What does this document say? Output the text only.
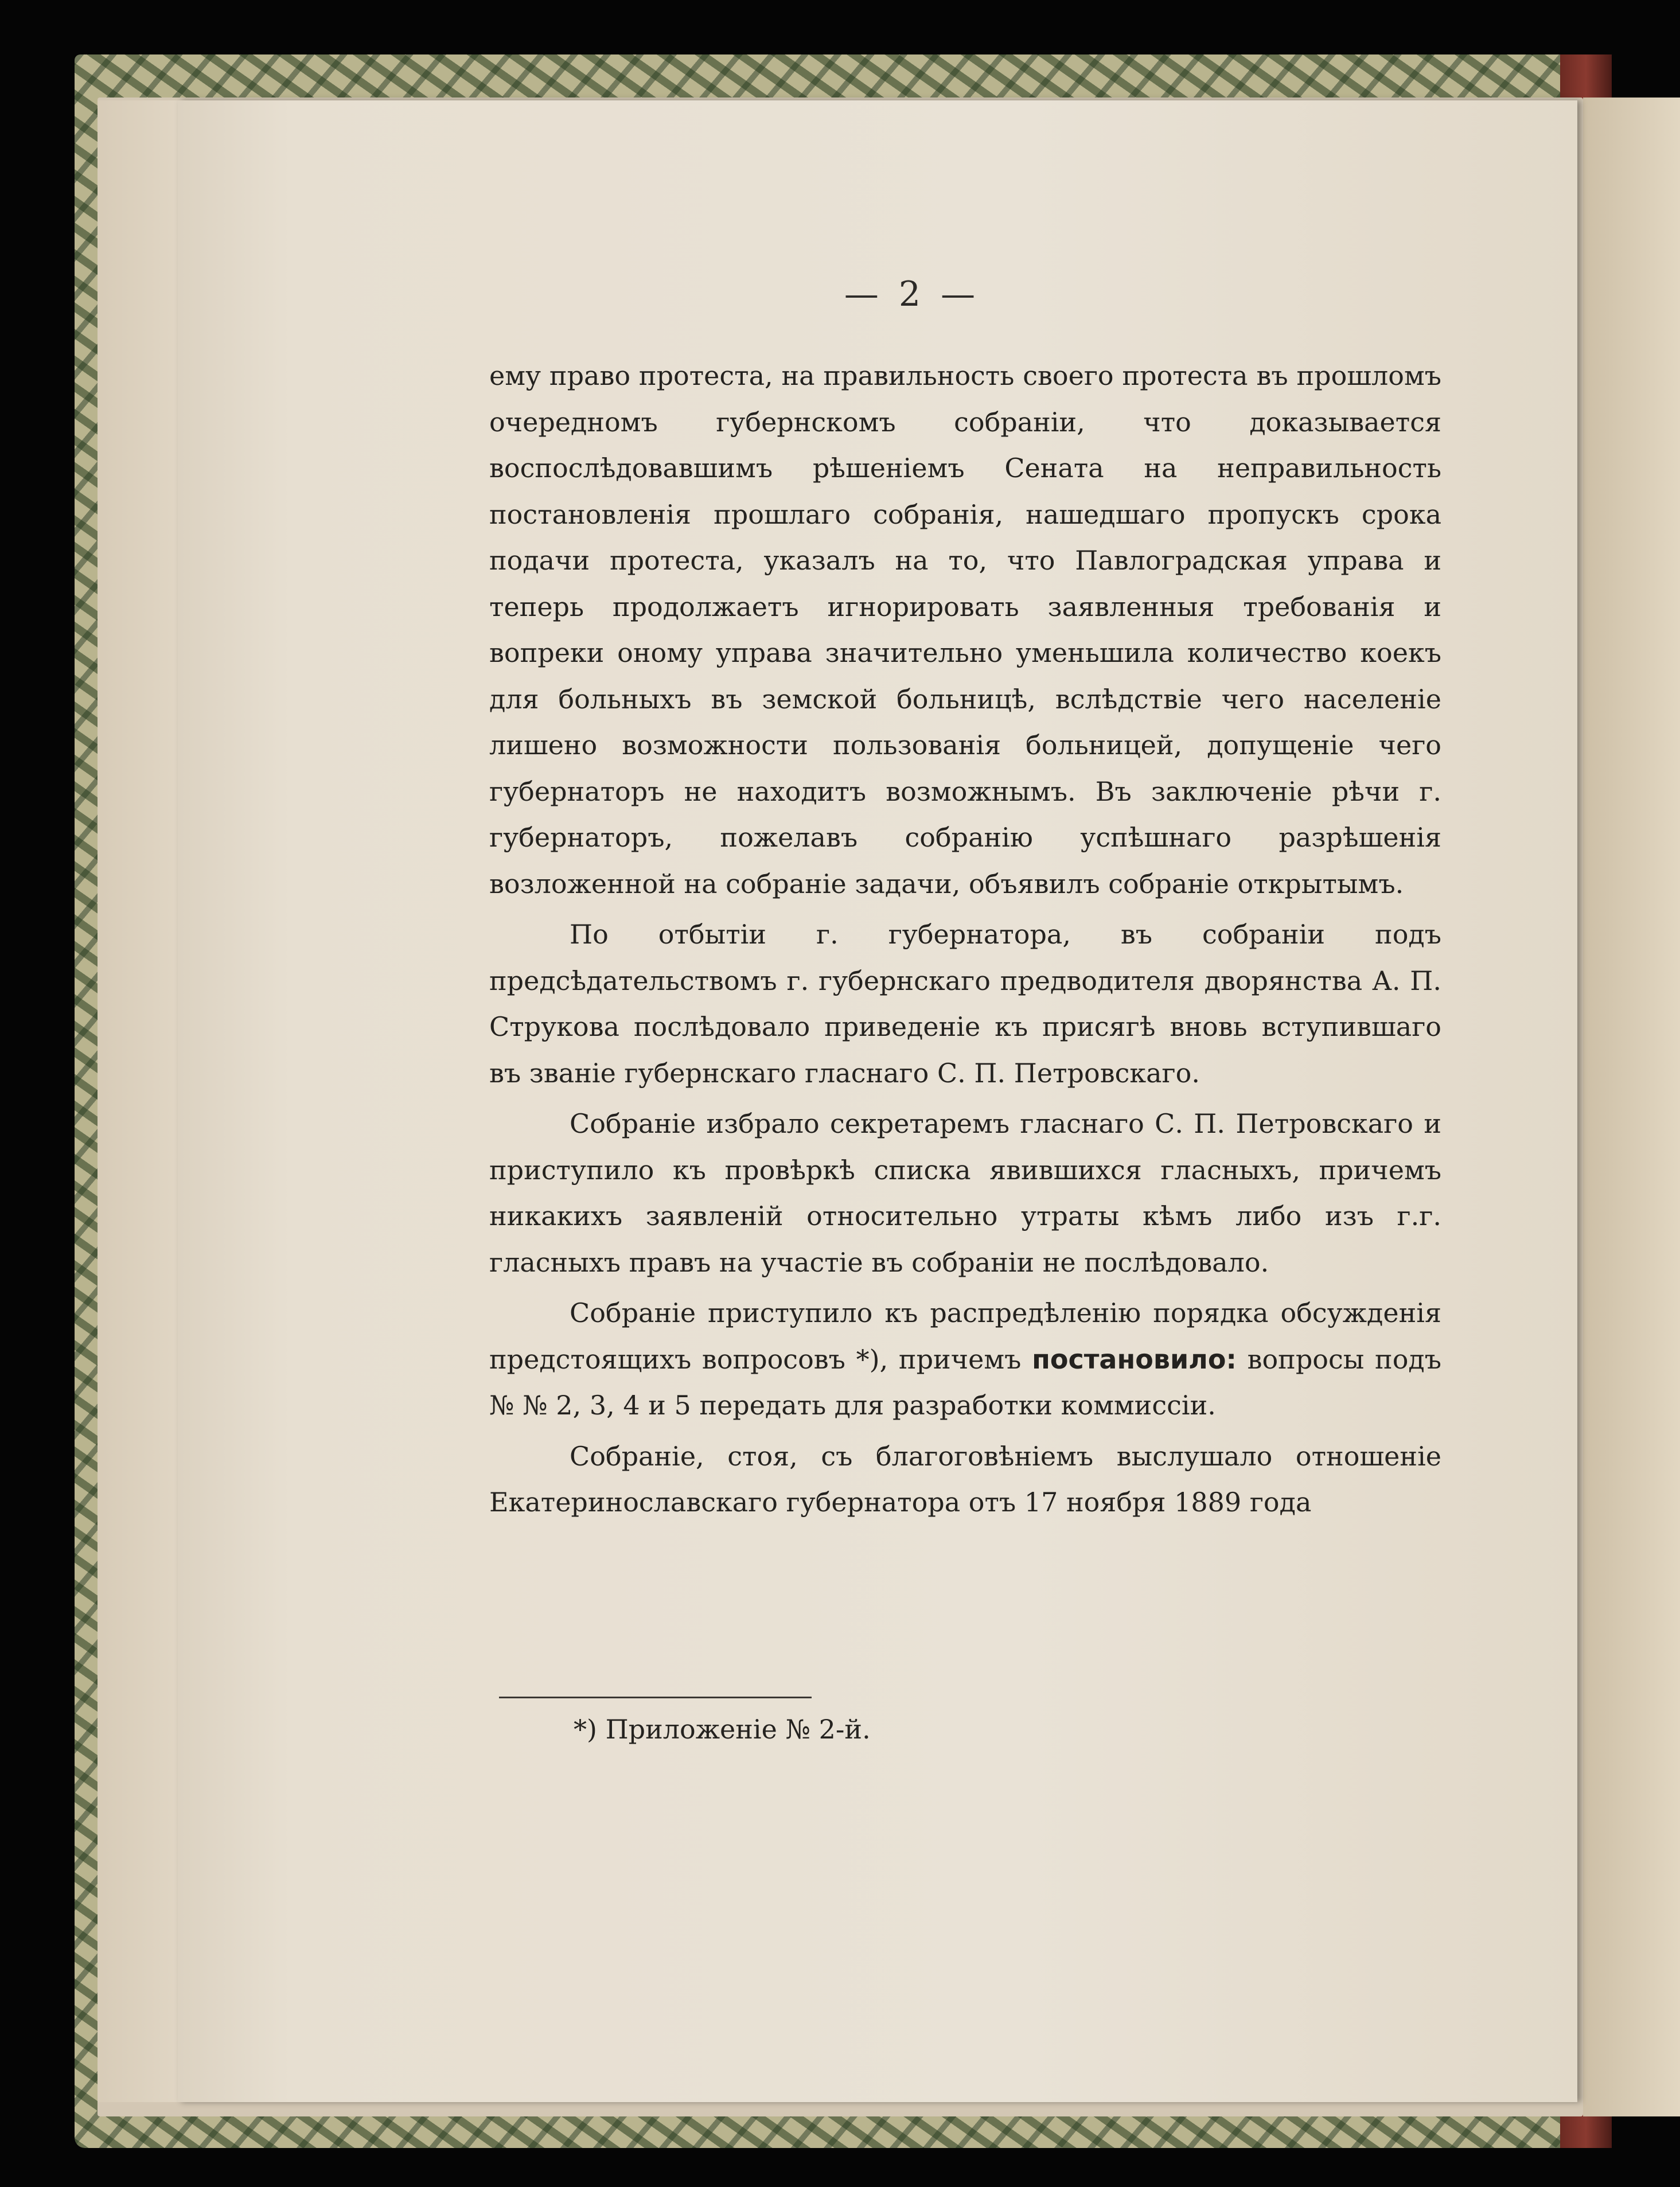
— 2 —

ему право протеста, на правильность своего протеста въ прошломъ очередномъ губернскомъ собранiи, что доказывается воспослѣдовавшимъ рѣшенiемъ Сената на неправильность постановленiя прошлаго собранiя, нашедшаго пропускъ срока подачи протеста, указалъ на то, что Павлоградская управа и теперь продолжаетъ игнорировать заявленныя требованiя и вопреки оному управа значительно уменьшила количество коекъ для больныхъ въ земской больницѣ, вслѣдствiе чего населенiе лишено возможности пользованiя больницей, допущенiе чего губернаторъ не находитъ возможнымъ. Въ заключенiе рѣчи г. губернаторъ, пожелавъ собранiю успѣшнаго разрѣшенiя возложенной на собранiе задачи, объявилъ собранiе открытымъ.

По отбытiи г. губернатора, въ собранiи подъ предсѣдательствомъ г. губернскаго предводителя дворянства А. П. Струкова послѣдовало приведенiе къ присягѣ вновь вступившаго въ званiе губернскаго гласнаго С. П. Петровскаго.

Собранiе избрало секретаремъ гласнаго С. П. Петровскаго и приступило къ провѣркѣ списка явившихся гласныхъ, причемъ никакихъ заявленiй относительно утраты кѣмъ либо изъ г.г. гласныхъ правъ на участiе въ собранiи не послѣдовало.

Собранiе приступило къ распредѣленiю порядка обсужденiя предстоящихъ вопросовъ *), причемъ постановило: вопросы подъ № № 2, 3, 4 и 5 передать для разработки коммиссiи.

Собранiе, стоя, съ благоговѣнiемъ выслушало отношенiе Екатеринославскаго губернатора отъ 17 ноября 1889 года

*) Приложенiе № 2-й.
